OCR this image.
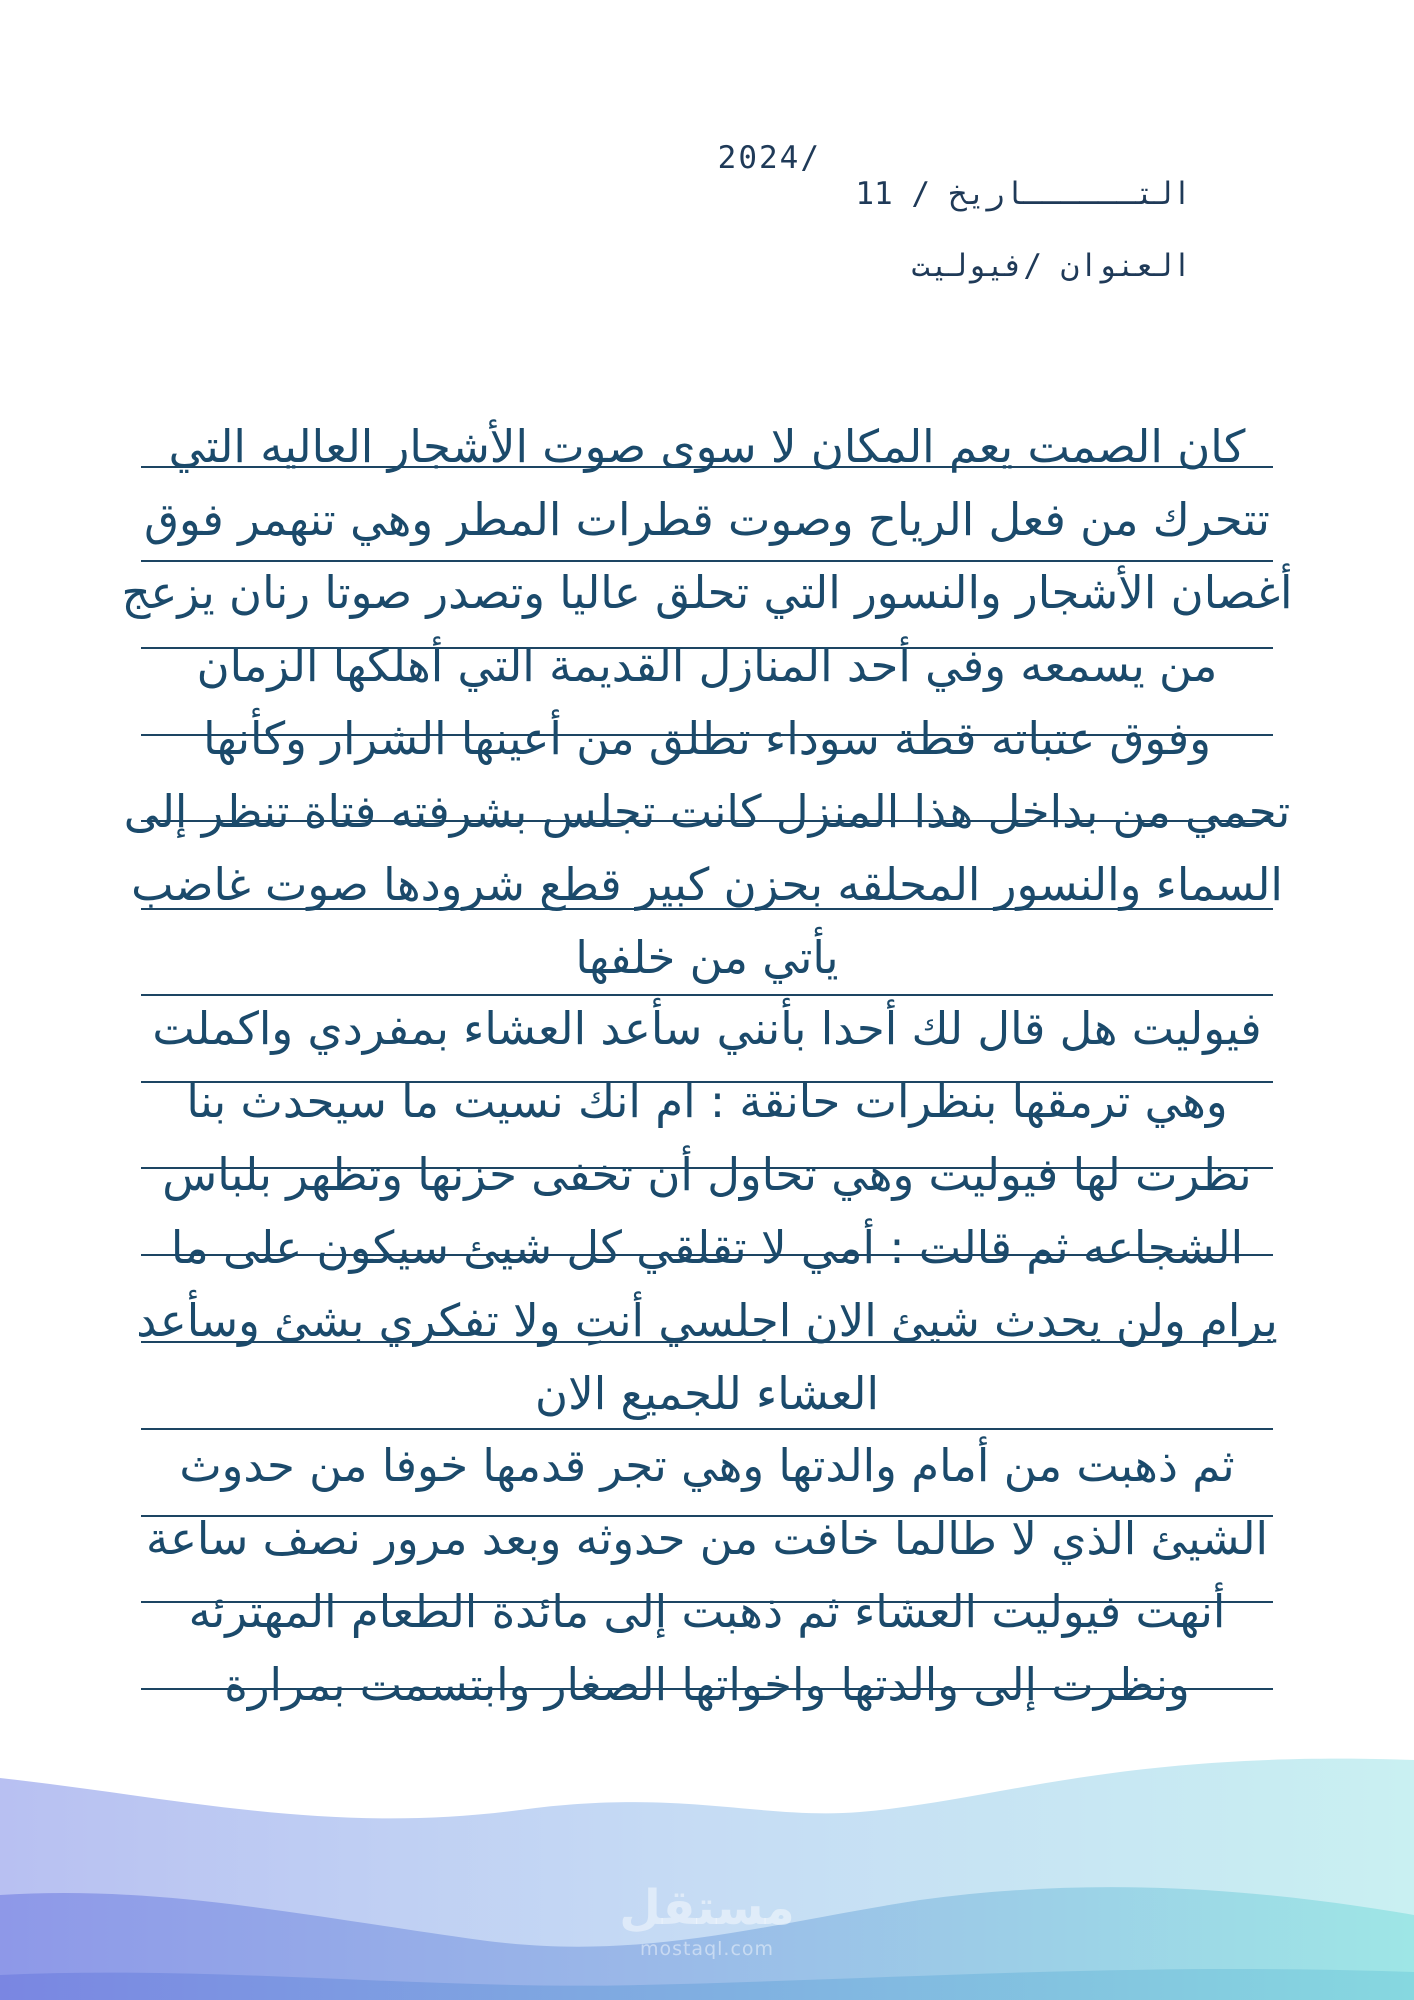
التــــــاريخ / 11

2024/

العنوان /فيوليت

كان الصمت يعم المكان لا سوى صوت الأشجار العاليه التي
تتحرك من فعل الرياح وصوت قطرات المطر وهي تنهمر فوق
أغصان الأشجار والنسور التي تحلق عاليا وتصدر صوتا رنان يزعج
من يسمعه وفي أحد المنازل القديمة التي أهلكها الزمان
وفوق عتباته قطة سوداء تطلق من أعينها الشرار وكأنها
تحمي من بداخل هذا المنزل كانت تجلس بشرفته فتاة تنظر إلى
السماء والنسور المحلقه بحزن كبير قطع شرودها صوت غاضب
يأتي من خلفها
فيوليت هل قال لك أحدا بأنني سأعد العشاء بمفردي واكملت
وهي ترمقها بنظرات حانقة : ام انك نسيت ما سيحدث بنا
نظرت لها فيوليت وهي تحاول أن تخفى حزنها وتظهر بلباس
الشجاعه ثم قالت : أمي لا تقلقي كل شيئ سيكون على ما
يرام ولن يحدث شيئ الان اجلسي أنتِ ولا تفكري بشئ وسأعد
العشاء للجميع الان
ثم ذهبت من أمام والدتها وهي تجر قدمها خوفا من حدوث
الشيئ الذي لا طالما خافت من حدوثه وبعد مرور نصف ساعة
أنهت فيوليت العشاء ثم ذهبت إلى مائدة الطعام المهترئه
ونظرت إلى والدتها واخواتها الصغار وابتسمت بمرارة
مستقل
mostaql.com
